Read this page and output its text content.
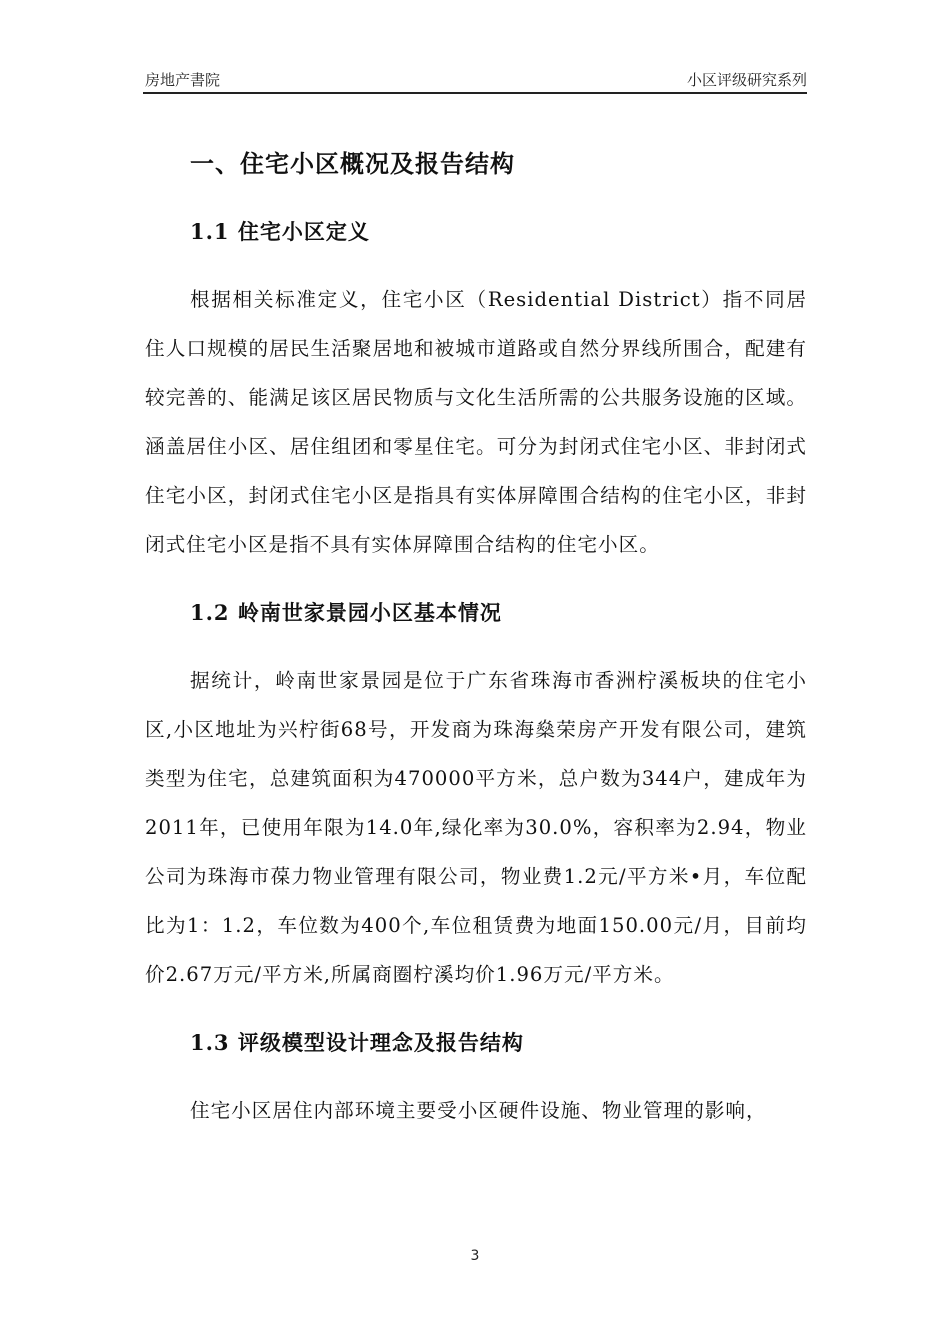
房地产書院	小区评级研究系列
一、住宅小区概况及报告结构
1.1 住宅小区定义

根据相关标准定义，住宅小区（Residential District）指不同居住人口规模的居民生活聚居地和被城市道路或自然分界线所围合，配建有较完善的、能满足该区居民物质与文化生活所需的公共服务设施的区域。涵盖居住小区、居住组团和零星住宅。可分为封闭式住宅小区、非封闭式住宅小区，封闭式住宅小区是指具有实体屏障围合结构的住宅小区，非封闭式住宅小区是指不具有实体屏障围合结构的住宅小区。

1.2 岭南世家景园小区基本情况

据统计，岭南世家景园是位于广东省珠海市香洲柠溪板块的住宅小区,小区地址为兴柠街68号，开发商为珠海燊荣房产开发有限公司，建筑类型为住宅，总建筑面积为470000平方米，总户数为344户，建成年为2011年，已使用年限为14.0年,绿化率为30.0%，容积率为2.94，物业公司为珠海市葆力物业管理有限公司，物业费1.2元/平方米•月，车位配比为1：1.2，车位数为400个,车位租赁费为地面150.00元/月，目前均价2.67万元/平方米,所属商圈柠溪均价1.96万元/平方米。

1.3 评级模型设计理念及报告结构

住宅小区居住内部环境主要受小区硬件设施、物业管理的影响，

3
